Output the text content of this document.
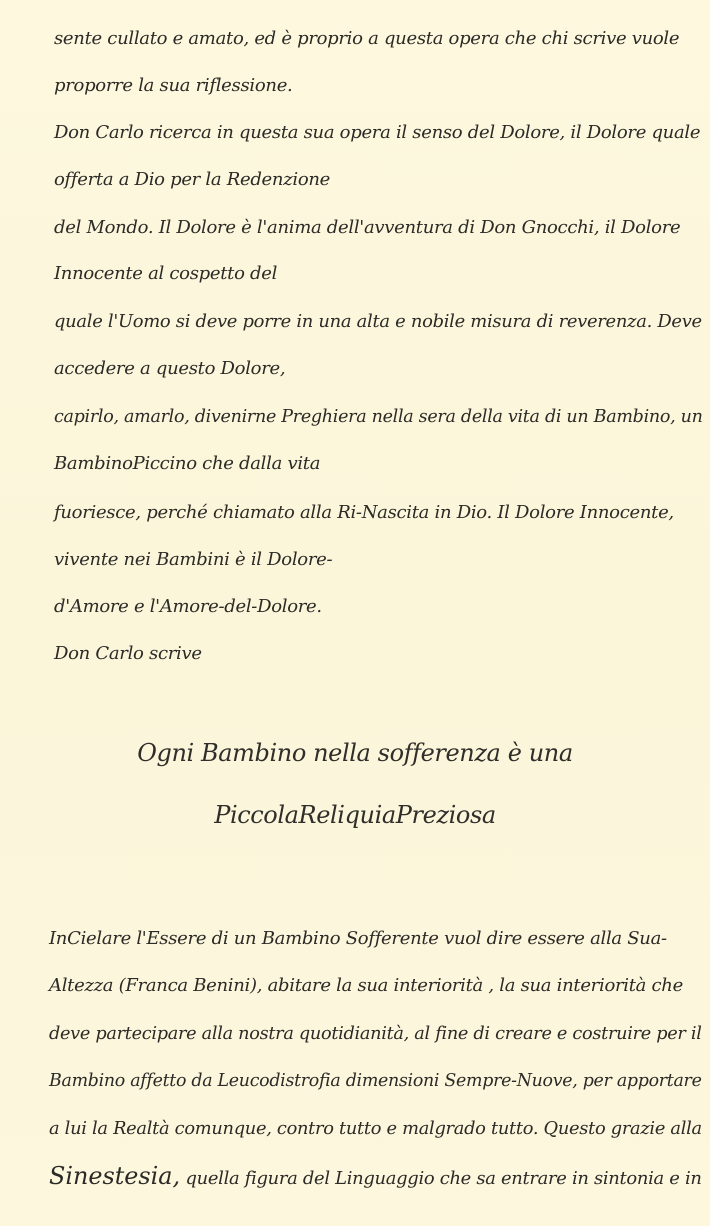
sente cullato e amato, ed è proprio a questa opera che chi scrive vuole
proporre la sua riflessione.
Don Carlo ricerca in questa sua opera il senso del Dolore, il Dolore quale
offerta a Dio per la Redenzione
del Mondo. Il Dolore è l'anima dell'avventura di Don Gnocchi, il Dolore
Innocente al cospetto del
quale l'Uomo si deve porre in una alta e nobile misura di reverenza. Deve
accedere a questo Dolore,
capirlo, amarlo, divenirne Preghiera nella sera della vita di un Bambino, un
BambinoPiccino che dalla vita
fuoriesce, perché chiamato alla Ri-Nascita in Dio. Il Dolore Innocente,
vivente nei Bambini è il Dolore-
d'Amore e l'Amore-del-Dolore.
Don Carlo scrive
Ogni Bambino nella sofferenza è una
PiccolaReliquiaPreziosa
InCielare l'Essere di un Bambino Sofferente vuol dire essere alla Sua-
Altezza (Franca Benini), abitare la sua interiorità , la sua interiorità che
deve partecipare alla nostra quotidianità, al fine di creare e costruire per il
Bambino affetto da Leucodistrofia dimensioni Sempre-Nuove, per apportare
a lui la Realtà comunque, contro tutto e malgrado tutto. Questo grazie alla
Sinestesia, quella figura del Linguaggio che sa entrare in sintonia e in
